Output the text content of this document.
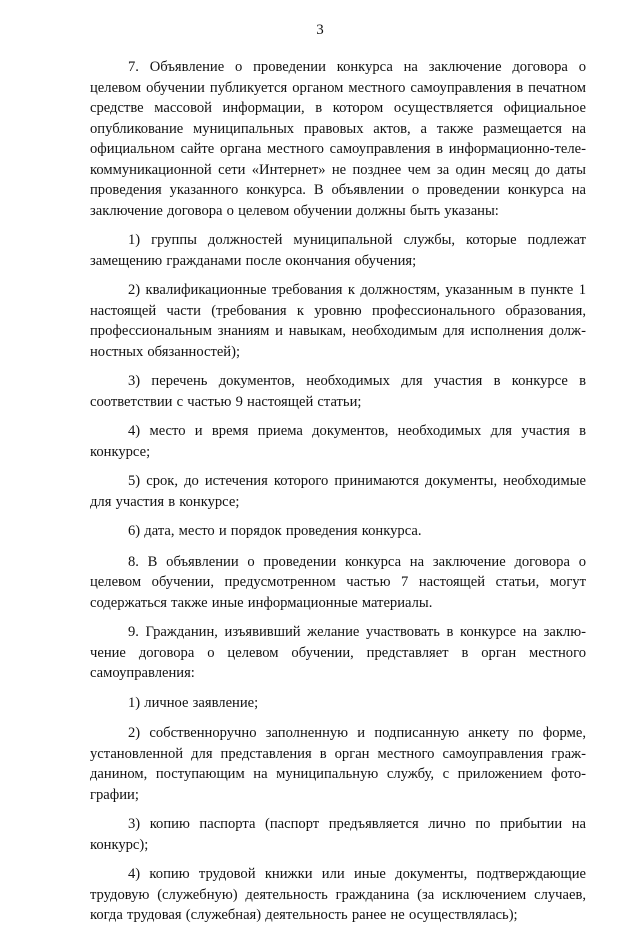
3

7. Объявление о проведении конкурса на заключение договора о целевом обучении публикуется органом местного самоуправления в печатном средстве массовой информации, в котором осуществляется официальное опубликование муниципальных правовых актов, а также размещается на официальном сайте органа местного самоуправления в информационно-телекоммуникационной сети «Интернет» не позднее чем за один месяц до даты проведения указанного конкурса. В объявлении о проведении конкурса на заключение договора о целевом обучении должны быть указаны:

1) группы должностей муниципальной службы, которые подлежат замещению гражданами после окончания обучения;

2) квалификационные требования к должностям, указанным в пункте 1 настоящей части (требования к уровню профессионального образования, профессиональным знаниям и навыкам, необходимым для исполнения должностных обязанностей);

3) перечень документов, необходимых для участия в конкурсе в соответствии с частью 9 настоящей статьи;

4) место и время приема документов, необходимых для участия в конкурсе;

5) срок, до истечения которого принимаются документы, необходимые для участия в конкурсе;

6) дата, место и порядок проведения конкурса.

8. В объявлении о проведении конкурса на заключение договора о целевом обучении, предусмотренном частью 7 настоящей статьи, могут содержаться также иные информационные материалы.

9. Гражданин, изъявивший желание участвовать в конкурсе на заключение договора о целевом обучении, представляет в орган местного самоуправления:

1) личное заявление;

2) собственноручно заполненную и подписанную анкету по форме, установленной для представления в орган местного самоуправления гражданином, поступающим на муниципальную службу, с приложением фотографии;

3) копию паспорта (паспорт предъявляется лично по прибытии на конкурс);

4) копию трудовой книжки или иные документы, подтверждающие трудовую (служебную) деятельность гражданина (за исключением случаев, когда трудовая (служебная) деятельность ранее не осуществлялась);
